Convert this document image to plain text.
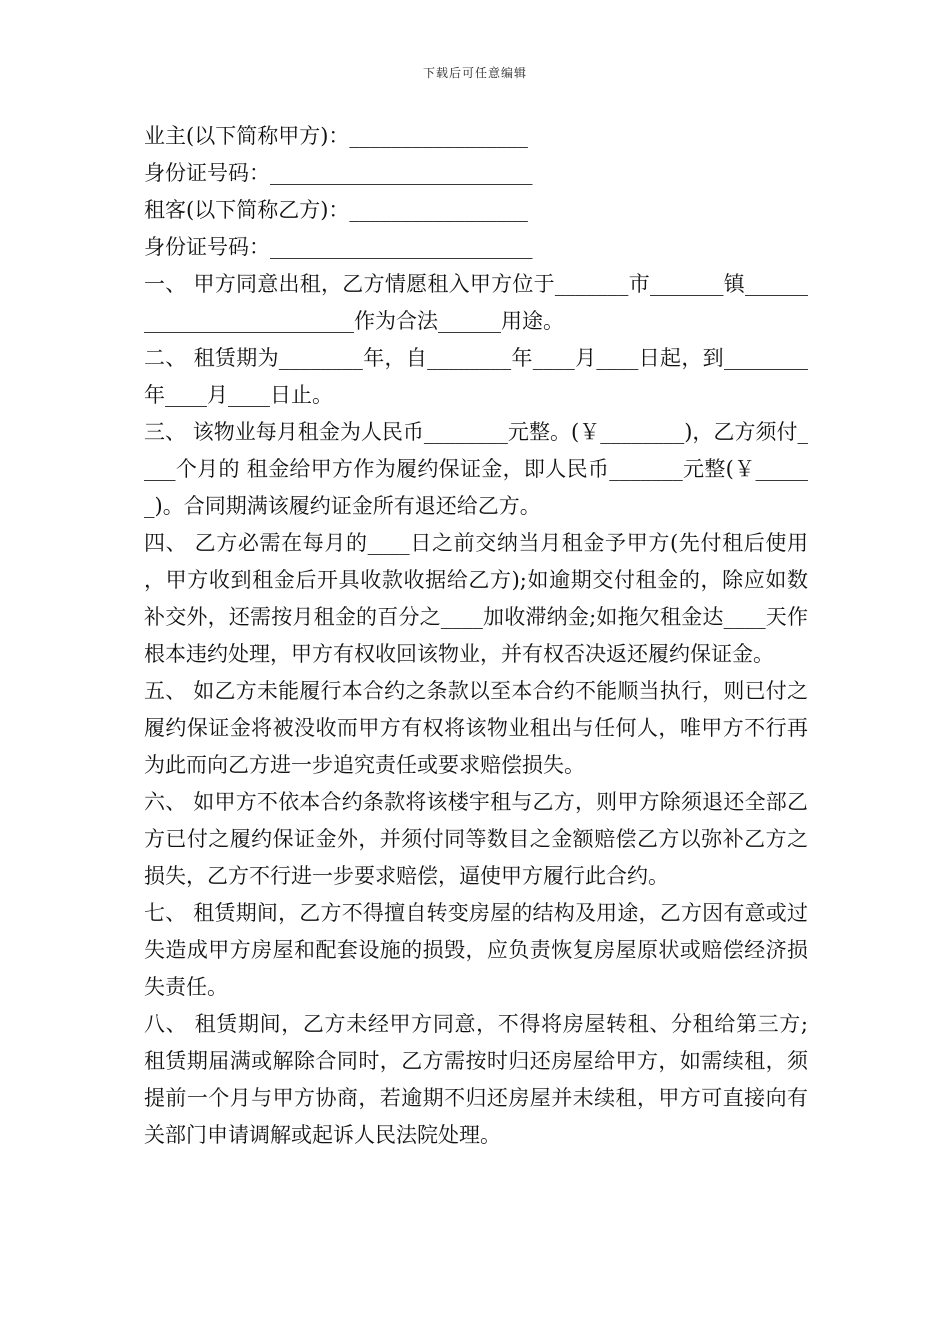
下载后可任意编辑

业主(以下简称甲方)：_________________

身份证号码：_________________________

租客(以下简称乙方)：_________________

身份证号码：_________________________

一、 甲方同意出租，乙方情愿租入甲方位于_______市_______镇__________________________作为合法______用途。

二、 租赁期为________年，自________年____月____日起，到________年____月____日止。

三、 该物业每月租金为人民币________元整。(￥________)，乙方须付____个月的 租金给甲方作为履约保证金，即人民币_______元整(￥______)。合同期满该履约证金所有退还给乙方。

四、 乙方必需在每月的____日之前交纳当月租金予甲方(先付租后使用，甲方收到租金后开具收款收据给乙方);如逾期交付租金的，除应如数补交外，还需按月租金的百分之____加收滞纳金;如拖欠租金达____天作根本违约处理，甲方有权收回该物业，并有权否决返还履约保证金。

五、 如乙方未能履行本合约之条款以至本合约不能顺当执行，则已付之履约保证金将被没收而甲方有权将该物业租出与任何人，唯甲方不行再为此而向乙方进一步追究责任或要求赔偿损失。

六、 如甲方不依本合约条款将该楼宇租与乙方，则甲方除须退还全部乙方已付之履约保证金外，并须付同等数目之金额赔偿乙方以弥补乙方之损失，乙方不行进一步要求赔偿，逼使甲方履行此合约。

七、 租赁期间，乙方不得擅自转变房屋的结构及用途，乙方因有意或过失造成甲方房屋和配套设施的损毁，应负责恢复房屋原状或赔偿经济损失责任。

八、 租赁期间，乙方未经甲方同意，不得将房屋转租、分租给第三方;租赁期届满或解除合同时，乙方需按时归还房屋给甲方，如需续租，须提前一个月与甲方协商，若逾期不归还房屋并未续租，甲方可直接向有关部门申请调解或起诉人民法院处理。
